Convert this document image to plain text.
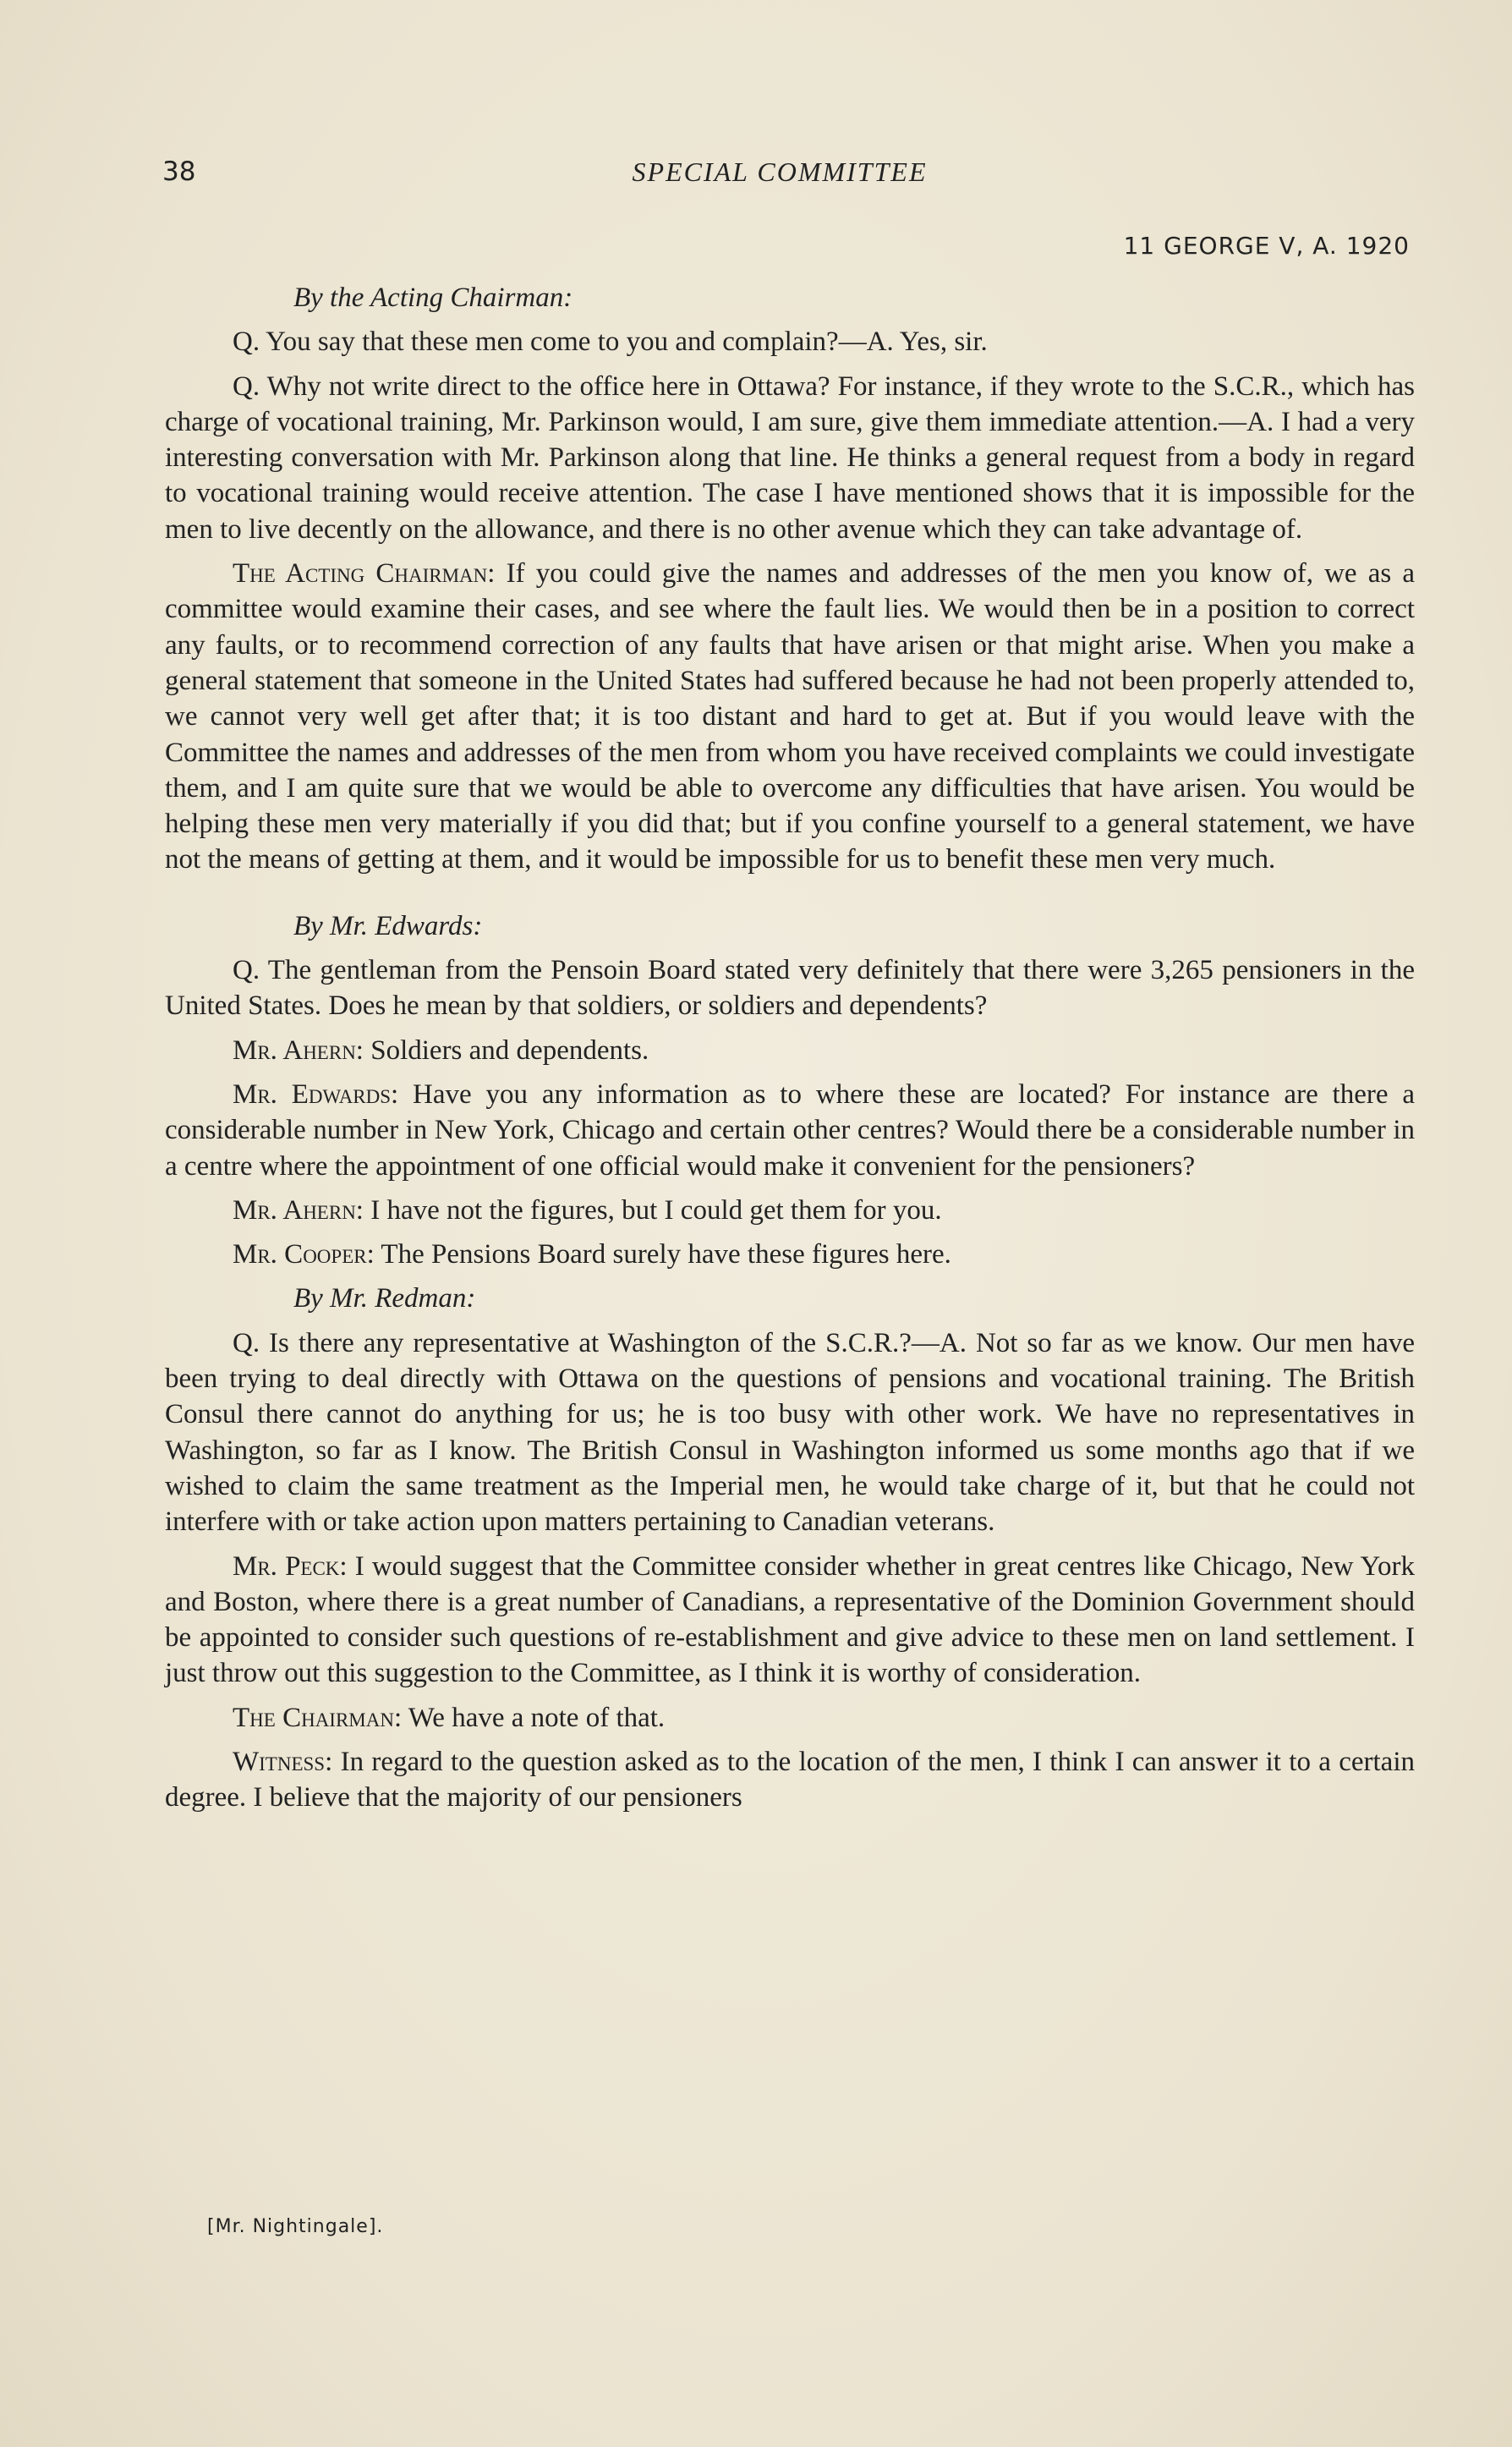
38	SPECIAL COMMITTEE
11 GEORGE V, A. 1920

By the Acting Chairman:

Q. You say that these men come to you and complain?—A. Yes, sir.

Q. Why not write direct to the office here in Ottawa? For instance, if they wrote to the S.C.R., which has charge of vocational training, Mr. Parkinson would, I am sure, give them immediate attention.—A. I had a very interesting conversation with Mr. Parkinson along that line. He thinks a general request from a body in regard to vocational training would receive attention. The case I have mentioned shows that it is impossible for the men to live decently on the allowance, and there is no other avenue which they can take advantage of.

The Acting Chairman: If you could give the names and addresses of the men you know of, we as a committee would examine their cases, and see where the fault lies. We would then be in a position to correct any faults, or to recommend correction of any faults that have arisen or that might arise. When you make a general statement that someone in the United States had suffered because he had not been properly attended to, we cannot very well get after that; it is too distant and hard to get at. But if you would leave with the Committee the names and addresses of the men from whom you have received complaints we could investigate them, and I am quite sure that we would be able to overcome any difficulties that have arisen. You would be helping these men very materially if you did that; but if you confine yourself to a general statement, we have not the means of getting at them, and it would be impossible for us to benefit these men very much.

By Mr. Edwards:

Q. The gentleman from the Pensoin Board stated very definitely that there were 3,265 pensioners in the United States. Does he mean by that soldiers, or soldiers and dependents?

Mr. Ahern: Soldiers and dependents.

Mr. Edwards: Have you any information as to where these are located? For instance are there a considerable number in New York, Chicago and certain other centres? Would there be a considerable number in a centre where the appointment of one official would make it convenient for the pensioners?

Mr. Ahern: I have not the figures, but I could get them for you.

Mr. Cooper: The Pensions Board surely have these figures here.

By Mr. Redman:

Q. Is there any representative at Washington of the S.C.R.?—A. Not so far as we know. Our men have been trying to deal directly with Ottawa on the questions of pensions and vocational training. The British Consul there cannot do anything for us; he is too busy with other work. We have no representatives in Washington, so far as I know. The British Consul in Washington informed us some months ago that if we wished to claim the same treatment as the Imperial men, he would take charge of it, but that he could not interfere with or take action upon matters pertaining to Canadian veterans.

Mr. Peck: I would suggest that the Committee consider whether in great centres like Chicago, New York and Boston, where there is a great number of Canadians, a representative of the Dominion Government should be appointed to consider such questions of re-establishment and give advice to these men on land settlement. I just throw out this suggestion to the Committee, as I think it is worthy of consideration.

The Chairman: We have a note of that.

Witness: In regard to the question asked as to the location of the men, I think I can answer it to a certain degree. I believe that the majority of our pensioners

[Mr. Nightingale].
